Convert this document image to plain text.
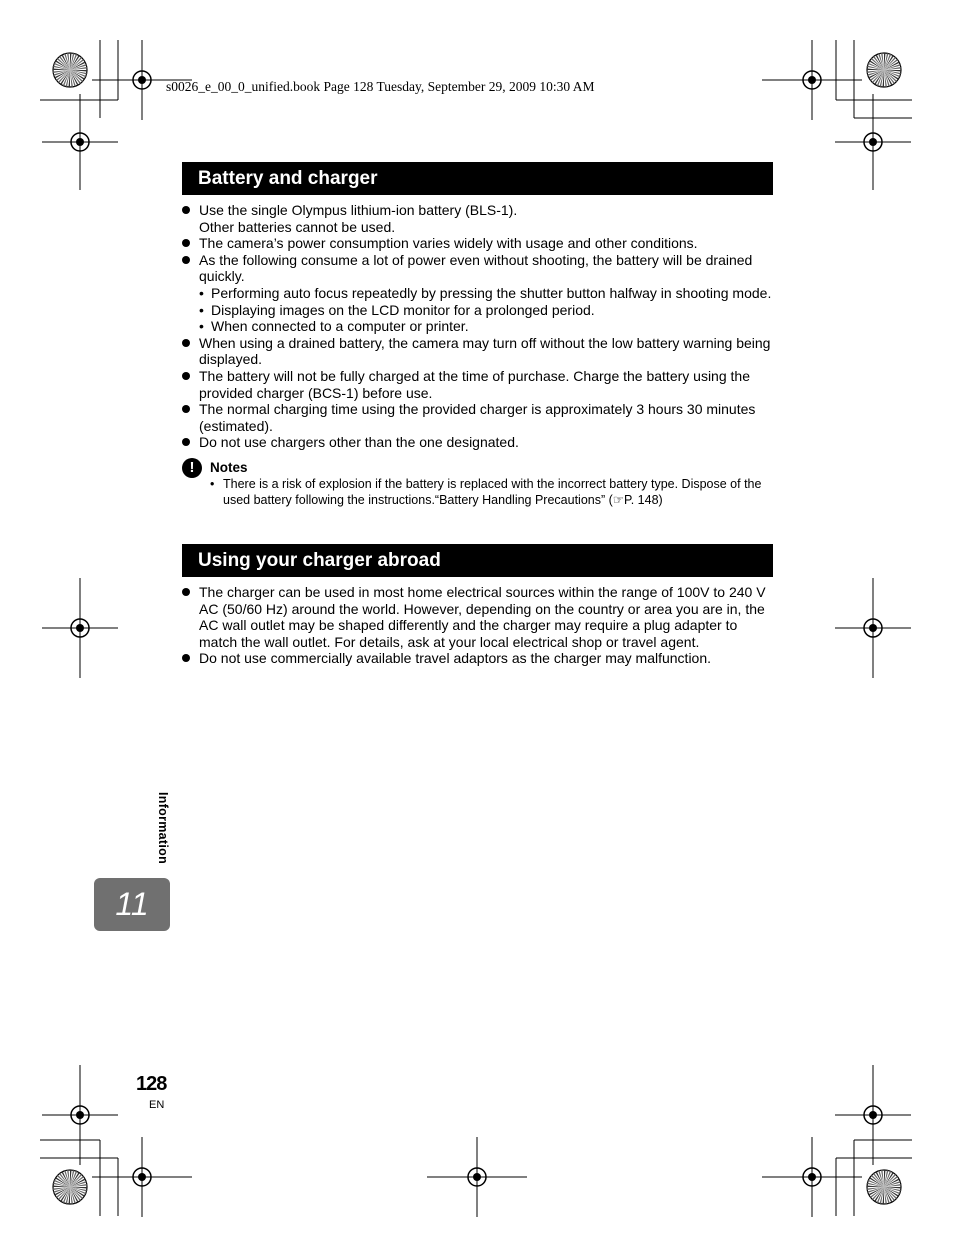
s0026_e_00_0_unified.book Page 128 Tuesday, September 29, 2009 10:30 AM
Battery and charger
Use the single Olympus lithium-ion battery (BLS-1).
Other batteries cannot be used.
The camera’s power consumption varies widely with usage and other conditions.
As the following consume a lot of power even without shooting, the battery will be drained quickly.
• Performing auto focus repeatedly by pressing the shutter button halfway in shooting mode.
• Displaying images on the LCD monitor for a prolonged period.
• When connected to a computer or printer.
When using a drained battery, the camera may turn off without the low battery warning being displayed.
The battery will not be fully charged at the time of purchase. Charge the battery using the provided charger (BCS-1) before use.
The normal charging time using the provided charger is approximately 3 hours 30 minutes (estimated).
Do not use chargers other than the one designated.
!	Notes
• There is a risk of explosion if the battery is replaced with the incorrect battery type. Dispose of the used battery following the instructions.“Battery Handling Precautions” (☞P. 148)
Using your charger abroad
The charger can be used in most home electrical sources within the range of 100V to 240 V AC (50/60 Hz) around the world. However, depending on the country or area you are in, the AC wall outlet may be shaped differently and the charger may require a plug adapter to match the wall outlet. For details, ask at your local electrical shop or travel agent.
Do not use commercially available travel adaptors as the charger may malfunction.
Information
11
128
EN
